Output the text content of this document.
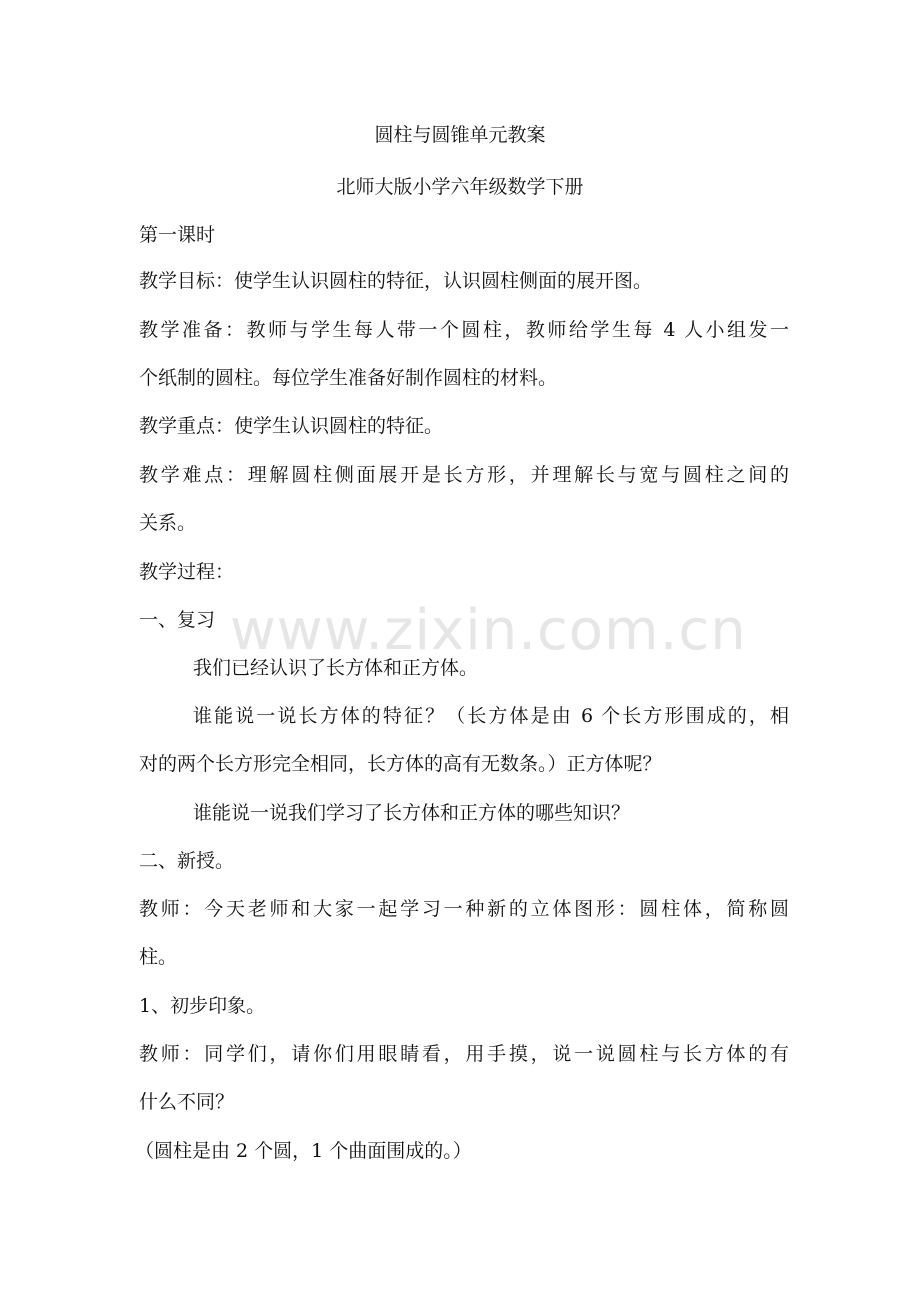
www.zixin.com.cn
圆柱与圆锥单元教案
北师大版小学六年级数学下册
第一课时
教学目标：使学生认识圆柱的特征，认识圆柱侧面的展开图。
教学准备：教师与学生每人带一个圆柱，教师给学生每 4 人小组发一
个纸制的圆柱。每位学生准备好制作圆柱的材料。
教学重点：使学生认识圆柱的特征。
教学难点：理解圆柱侧面展开是长方形，并理解长与宽与圆柱之间的
关系。
教学过程：
一、复习
我们已经认识了长方体和正方体。
谁能说一说长方体的特征？（长方体是由 6 个长方形围成的，相
对的两个长方形完全相同，长方体的高有无数条。）正方体呢？
谁能说一说我们学习了长方体和正方体的哪些知识？
二、新授。
教师：今天老师和大家一起学习一种新的立体图形：圆柱体，简称圆
柱。
1、初步印象。
教师：同学们，请你们用眼睛看，用手摸，说一说圆柱与长方体的有
什么不同？
（圆柱是由 2 个圆，1 个曲面围成的。）
